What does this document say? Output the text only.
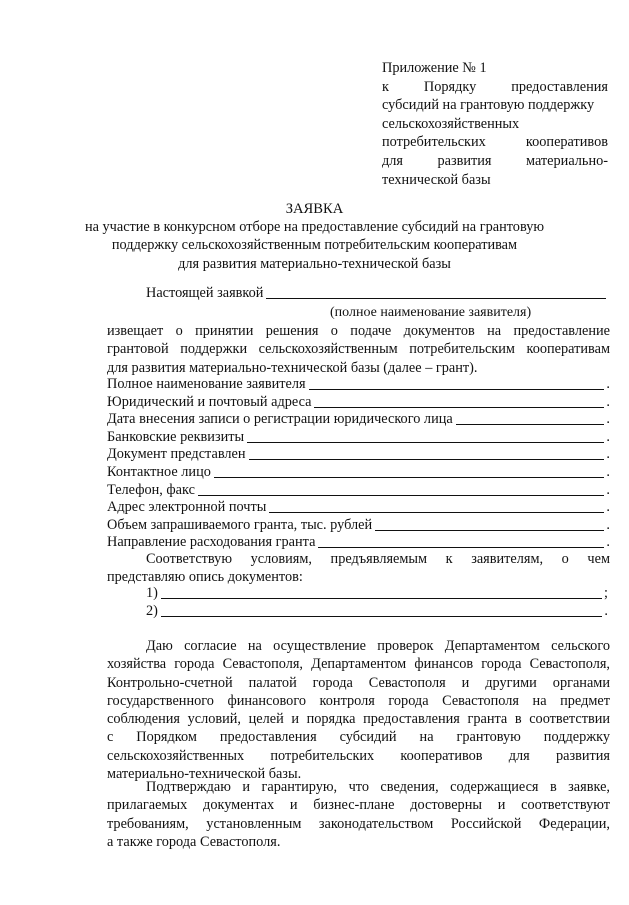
Приложение № 1
к Порядку предоставления
субсидий на грантовую поддержку
сельскохозяйственных
потребительских кооперативов
для развития материально-
технической базы
ЗАЯВКА
на участие в конкурсном отборе на предоставление субсидий на грантовую
поддержку сельскохозяйственным потребительским кооперативам
для развития материально-технической базы
Настоящей заявкой
(полное наименование заявителя)
извещает о принятии решения о подаче документов на предоставление
грантовой поддержки сельскохозяйственным потребительским кооперативам
для развития материально-технической базы (далее – грант).
Полное наименование заявителя	.
Юридический и почтовый адреса	.
Дата внесения записи о регистрации юридического лица	.
Банковские реквизиты	.
Документ представлен	.
Контактное лицо	.
Телефон, факс	.
Адрес электронной почты	.
Объем запрашиваемого гранта, тыс. рублей	.
Направление расходования гранта	.
Соответствую условиям, предъявляемым к заявителям, о чем
представляю опись документов:
1)	;
2)	.
Даю согласие на осуществление проверок Департаментом сельского
хозяйства города Севастополя, Департаментом финансов города Севастополя,
Контрольно-счетной палатой города Севастополя и другими органами
государственного финансового контроля города Севастополя на предмет
соблюдения условий, целей и порядка предоставления гранта в соответствии
с Порядком предоставления субсидий на грантовую поддержку
сельскохозяйственных потребительских кооперативов для развития
материально-технической базы.
Подтверждаю и гарантирую, что сведения, содержащиеся в заявке,
прилагаемых документах и бизнес-плане достоверны и соответствуют
требованиям, установленным законодательством Российской Федерации,
а также города Севастополя.
